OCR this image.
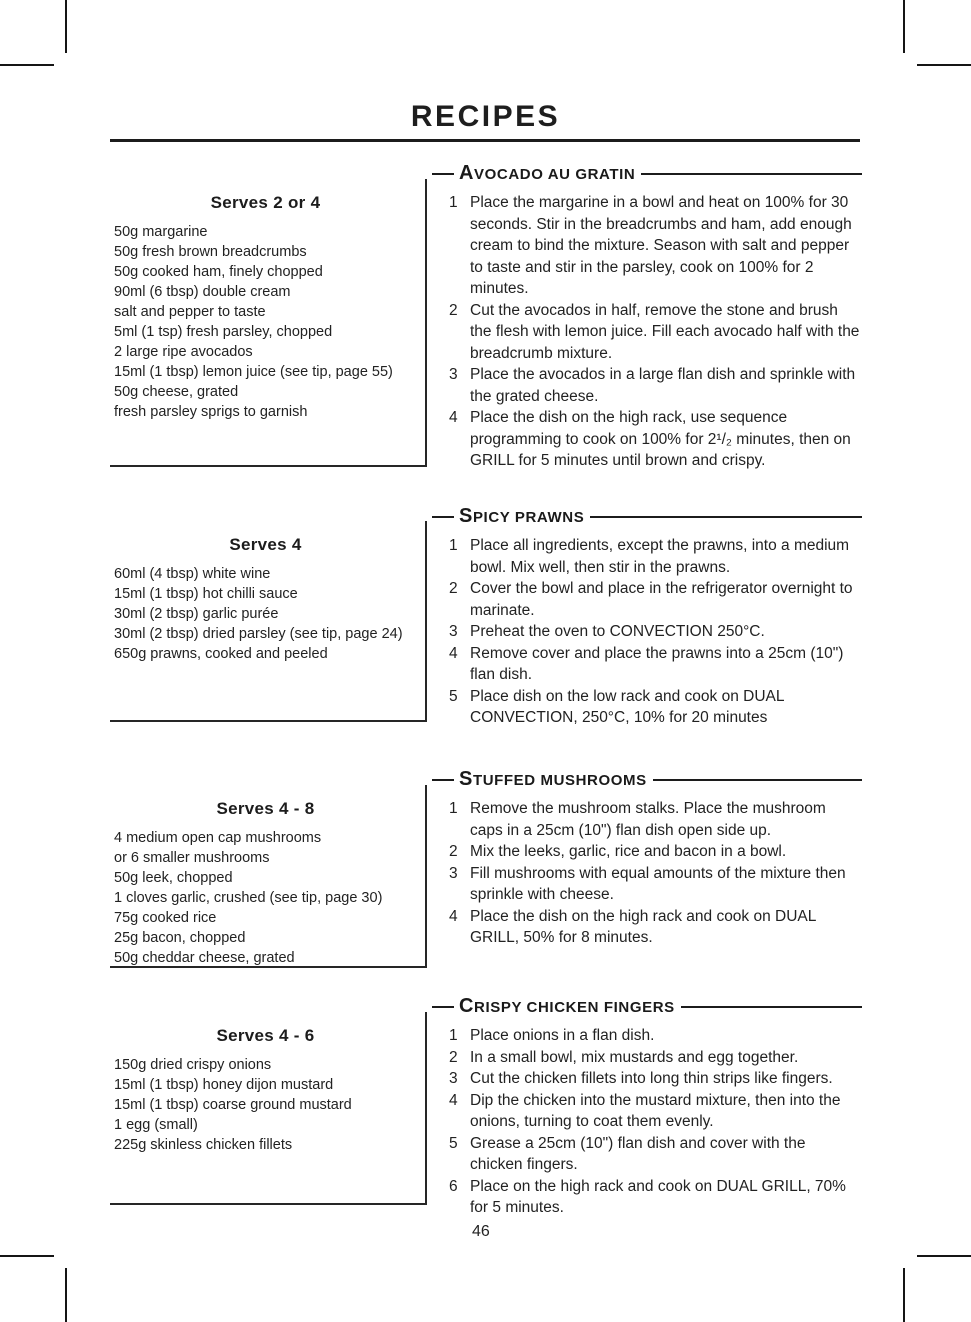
RECIPES
Serves 2 or 4
50g margarine
50g fresh brown breadcrumbs
50g cooked ham, finely chopped
90ml (6 tbsp) double cream
salt and pepper to taste
5ml (1 tsp) fresh parsley, chopped
2 large ripe avocados
15ml (1 tbsp) lemon juice (see tip, page 55)
50g cheese, grated
fresh parsley sprigs to garnish
AVOCADO AU GRATIN
Place the margarine in a bowl and heat on 100% for 30 seconds. Stir in the breadcrumbs and ham, add enough cream to bind the mixture. Season with salt and pepper to taste and stir in the parsley, cook on 100% for 2 minutes.
Cut the avocados in half, remove the stone and brush the flesh with lemon juice. Fill each avocado half with the breadcrumb mixture.
Place the avocados in a large flan dish and sprinkle with the grated cheese.
Place the dish on the high rack, use sequence programming to cook on 100% for 2¹/₂ minutes, then on GRILL for 5 minutes until brown and crispy.
Serves 4
60ml (4 tbsp) white wine
15ml (1 tbsp) hot chilli sauce
30ml (2 tbsp) garlic purée
30ml (2 tbsp) dried parsley (see tip, page 24)
650g prawns, cooked and peeled
SPICY PRAWNS
Place all ingredients, except the prawns, into a medium bowl. Mix well, then stir in the prawns.
Cover the bowl and place in the refrigerator overnight to marinate.
Preheat the oven to CONVECTION 250°C.
Remove cover and place the prawns into a 25cm (10") flan dish.
Place dish on the low rack and cook on DUAL CONVECTION, 250°C, 10% for 20 minutes
Serves 4 - 8
4 medium open cap mushrooms
or 6 smaller mushrooms
50g leek, chopped
1 cloves garlic, crushed (see tip, page 30)
75g cooked rice
25g bacon, chopped
50g cheddar cheese, grated
STUFFED MUSHROOMS
Remove the mushroom stalks. Place the mushroom caps in a 25cm (10") flan dish open side up.
Mix the leeks, garlic, rice and bacon in a bowl.
Fill mushrooms with equal amounts of the mixture then sprinkle with cheese.
Place the dish on the high rack and cook on DUAL GRILL, 50% for 8 minutes.
Serves 4 - 6
150g dried crispy onions
15ml (1 tbsp) honey dijon mustard
15ml (1 tbsp) coarse ground mustard
1 egg (small)
225g skinless chicken fillets
CRISPY CHICKEN FINGERS
Place onions in a flan dish.
In a small bowl, mix mustards and egg together.
Cut the chicken fillets into long thin strips like fingers.
Dip the chicken into the mustard mixture, then into the onions, turning to coat them evenly.
Grease a 25cm (10") flan dish and cover with the chicken fingers.
Place on the high rack and cook on DUAL GRILL, 70% for 5 minutes.
46
